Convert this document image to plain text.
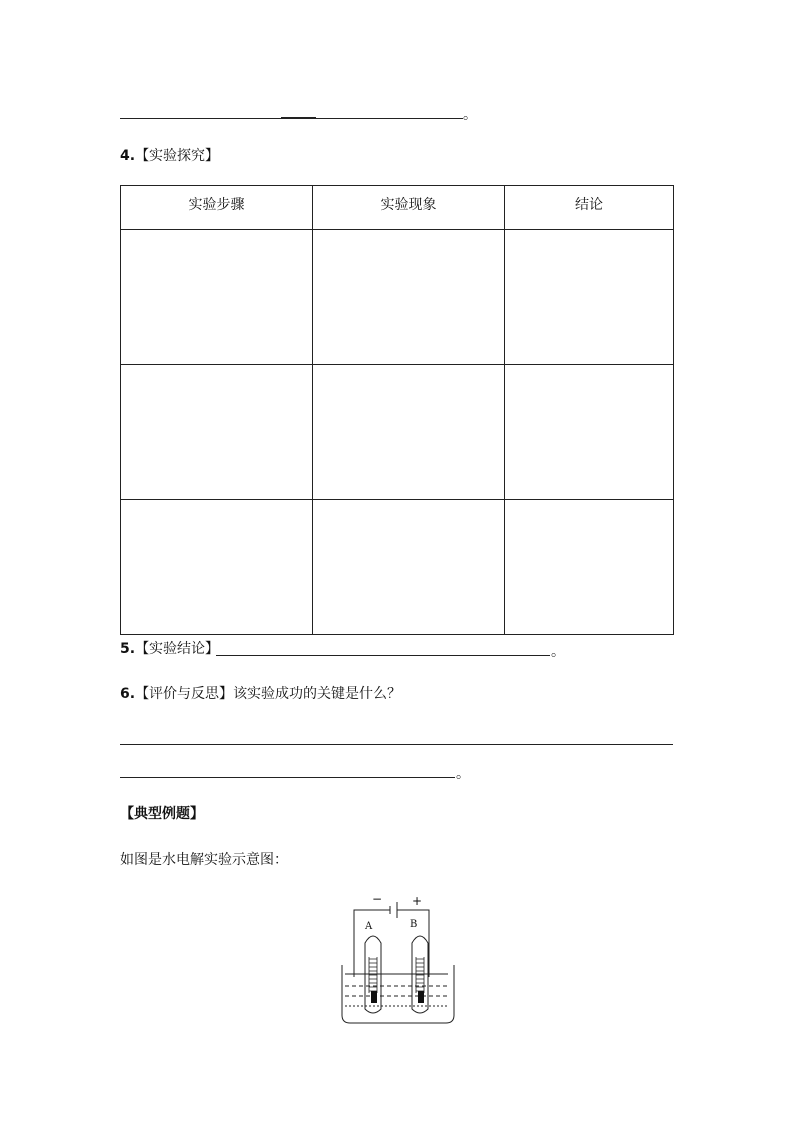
。
4.【实验探究】
实验步骤	实验现象	结论

5.【实验结论】	。
6.【评价与反思】该实验成功的关键是什么？
。
【典型例题】
如图是水电解实验示意图：
− +
A	B
